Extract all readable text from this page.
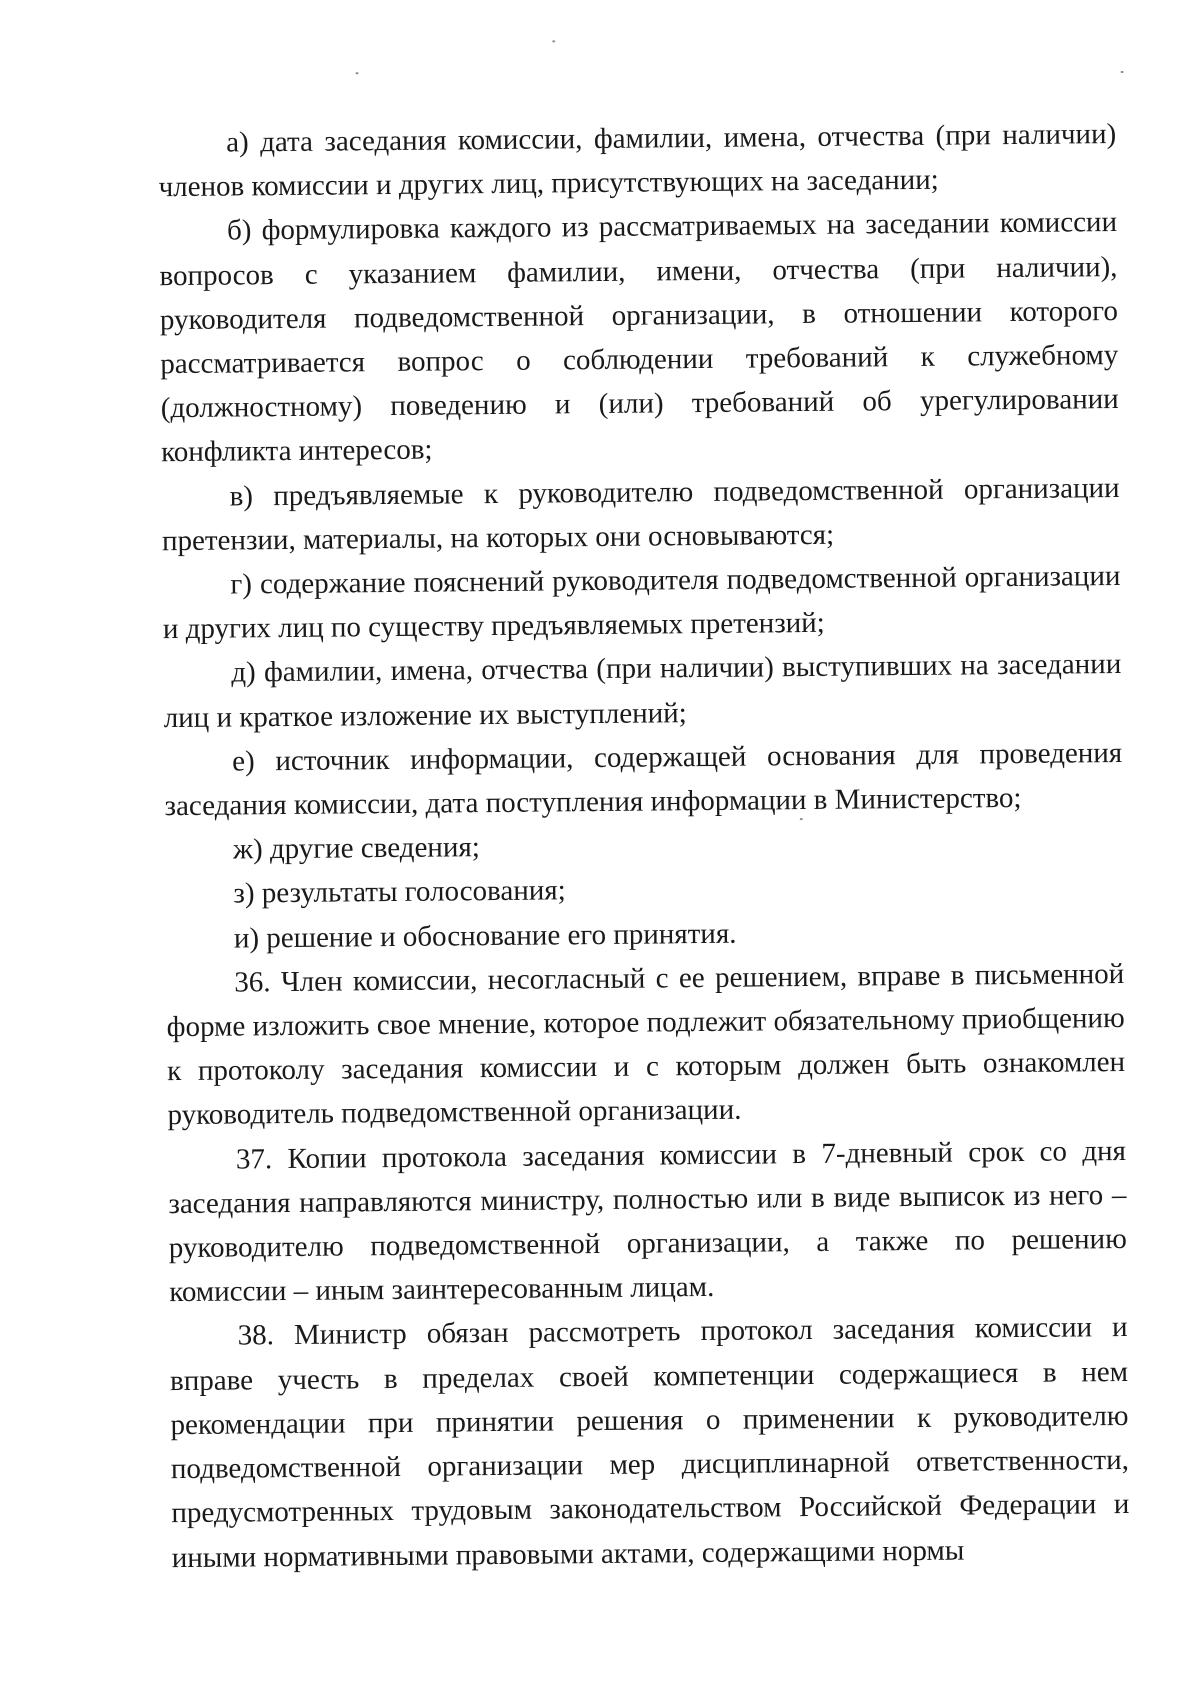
а) дата заседания комиссии, фамилии, имена, отчества (при наличии) членов комиссии и других лиц, присутствующих на заседании;

б) формулировка каждого из рассматриваемых на заседании комиссии вопросов с указанием фамилии, имени, отчества (при наличии), руководителя подведомственной организации, в отношении которого рассматривается вопрос о соблюдении требований к служебному (должностному) поведению и (или) требований об урегулировании конфликта интересов;

в) предъявляемые к руководителю подведомственной организации претензии, материалы, на которых они основываются;

г) содержание пояснений руководителя подведомственной организации и других лиц по существу предъявляемых претензий;

д) фамилии, имена, отчества (при наличии) выступивших на заседании лиц и краткое изложение их выступлений;

е) источник информации, содержащей основания для проведения заседания комиссии, дата поступления информации в Министерство;

ж) другие сведения;

з) результаты голосования;

и) решение и обоснование его принятия.

36. Член комиссии, несогласный с ее решением, вправе в письменной форме изложить свое мнение, которое подлежит обязательному приобщению к протоколу заседания комиссии и с которым должен быть ознакомлен руководитель подведомственной организации.

37. Копии протокола заседания комиссии в 7-дневный срок со дня заседания направляются министру, полностью или в виде выписок из него – руководителю подведомственной организации, а также по решению комиссии – иным заинтересованным лицам.

38. Министр обязан рассмотреть протокол заседания комиссии и вправе учесть в пределах своей компетенции содержащиеся в нем рекомендации при принятии решения о применении к руководителю подведомственной организации мер дисциплинарной ответственности, предусмотренных трудовым законодательством Российской Федерации и иными нормативными правовыми актами, содержащими нормы
